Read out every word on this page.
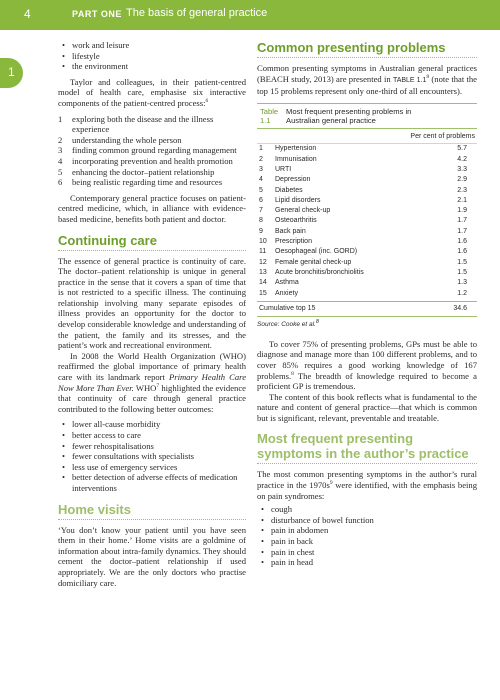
4	PART ONE The basis of general practice
1
• work and leisure
• lifestyle
• the environment

Taylor and colleagues, in their patient-centred model of health care, emphasise six interactive components of the patient-centred process:$^6$

1 exploring both the disease and the illness experience
2 understanding the whole person
3 finding common ground regarding management
4 incorporating prevention and health promotion
5 enhancing the doctor–patient relationship
6 being realistic regarding time and resources

Contemporary general practice focuses on patient-centred medicine, which, in alliance with evidence-based medicine, benefits both patient and doctor.

Continuing care

The essence of general practice is continuity of care. The doctor–patient relationship is unique in general practice in the sense that it covers a span of time that is not restricted to a specific illness. The continuing relationship involving many separate episodes of illness provides an opportunity for the doctor to develop considerable knowledge and understanding of the patient, the family and its stresses, and the patient’s work and recreational environment.

In 2008 the World Health Organization (WHO) reaffirmed the global importance of primary health care with its landmark report Primary Health Care Now More Than Ever. WHO$^7$ highlighted the evidence that continuity of care through general practice contributed to the following better outcomes:

• lower all-cause morbidity
• better access to care
• fewer rehospitalisations
• fewer consultations with specialists
• less use of emergency services
• better detection of adverse effects of medication interventions
Home visits

‘You don’t know your patient until you have seen them in their home.’ Home visits are a goldmine of information about intra-family dynamics. They should cement the doctor–patient relationship if used appropriately. We are the only doctors who practise domiciliary care.

Common presenting problems

Common presenting symptoms in Australian general practices (BEACH study, 2013) are presented in TABLE $1.1^8$ (note that the top 15 problems represent only one-third of all encounters).

Table
1.1
Most frequent presenting problems in
Australian general practice
Per cent of problems
1	Hypertension	5.7
2	Immunisation	4.2
3	URTI	3.3
4	Depression	2.9
5	Diabetes	2.3
6	Lipid disorders	2.1
7	General check-up	1.9
8	Osteoarthritis	1.7
9	Back pain	1.7
10	Prescription	1.6
11	Oesophageal (inc. GORD)	1.6
12	Female genital check-up	1.5
13	Acute bronchitis/bronchiolitis	1.5
14	Asthma	1.3
15	Anxiety	1.2
Cumulative top 15	34.6
Source: Cooke et al.$^8$

To cover 75% of presenting problems, GPs must be able to diagnose and manage more than 100 different problems, and to cover 85% requires a good working knowledge of 167 problems.$^8$ The breadth of knowledge required to become a proficient GP is tremendous.

The content of this book reflects what is fundamental to the nature and content of general practice—that which is common but is significant, relevant, preventable and treatable.

Most frequent presenting symptoms in the author’s practice

The most common presenting symptoms in the author’s rural practice in the $1970s^9$ were identified, with the emphasis being on pain syndromes:

• cough
• disturbance of bowel function
• pain in abdomen
• pain in back
• pain in chest
• pain in head
